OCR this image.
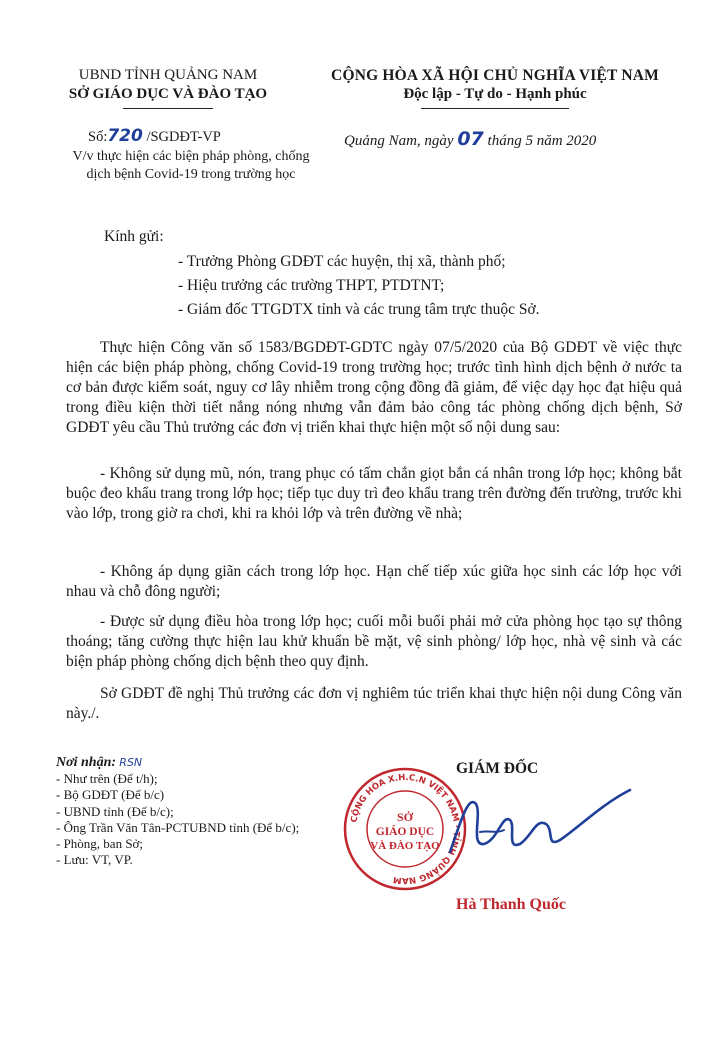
UBND TỈNH QUẢNG NAM
SỞ GIÁO DỤC VÀ ĐÀO TẠO
CỘNG HÒA XÃ HỘI CHỦ NGHĨA VIỆT NAM
Độc lập - Tự do - Hạnh phúc
Số:720 /SGDĐT-VP
V/v thực hiện các biện pháp phòng, chống
dịch bệnh Covid-19 trong trường học
Quảng Nam, ngày 07 tháng 5 năm 2020
Kính gửi:
- Trưởng Phòng GDĐT các huyện, thị xã, thành phố;
- Hiệu trưởng các trường THPT, PTDTNT;
- Giám đốc TTGDTX tỉnh và các trung tâm trực thuộc Sở.

Thực hiện Công văn số 1583/BGDĐT-GDTC ngày 07/5/2020 của Bộ GDĐT về việc thực hiện các biện pháp phòng, chống Covid-19 trong trường học; trước tình hình dịch bệnh ở nước ta cơ bản được kiểm soát, nguy cơ lây nhiễm trong cộng đồng đã giảm, để việc dạy học đạt hiệu quả trong điều kiện thời tiết nắng nóng nhưng vẫn đảm bảo công tác phòng chống dịch bệnh, Sở GDĐT yêu cầu Thủ trưởng các đơn vị triển khai thực hiện một số nội dung sau:

- Không sử dụng mũ, nón, trang phục có tấm chắn giọt bắn cá nhân trong lớp học; không bắt buộc đeo khẩu trang trong lớp học; tiếp tục duy trì đeo khẩu trang trên đường đến trường, trước khi vào lớp, trong giờ ra chơi, khi ra khỏi lớp và trên đường về nhà;

- Không áp dụng giãn cách trong lớp học. Hạn chế tiếp xúc giữa học sinh các lớp học với nhau và chỗ đông người;

- Được sử dụng điều hòa trong lớp học; cuối mỗi buổi phải mở cửa phòng học tạo sự thông thoáng; tăng cường thực hiện lau khử khuẩn bề mặt, vệ sinh phòng/ lớp học, nhà vệ sinh và các biện pháp phòng chống dịch bệnh theo quy định.

Sở GDĐT đề nghị Thủ trưởng các đơn vị nghiêm túc triển khai thực hiện nội dung Công văn này./.

Nơi nhận: RSN
- Như trên (Để t/h);
- Bộ GDĐT (Để b/c)
- UBND tỉnh (Để b/c);
- Ông Trần Văn Tân-PCTUBND tỉnh (Để b/c);
- Phòng, ban Sở;
- Lưu: VT, VP.
GIÁM ĐỐC
CỘNG HÒA X.H.C.N VIỆT NAM · TỈNH QUẢNG NAM
SỞ
GIÁO DỤC
VÀ ĐÀO TẠO
Hà Thanh Quốc
